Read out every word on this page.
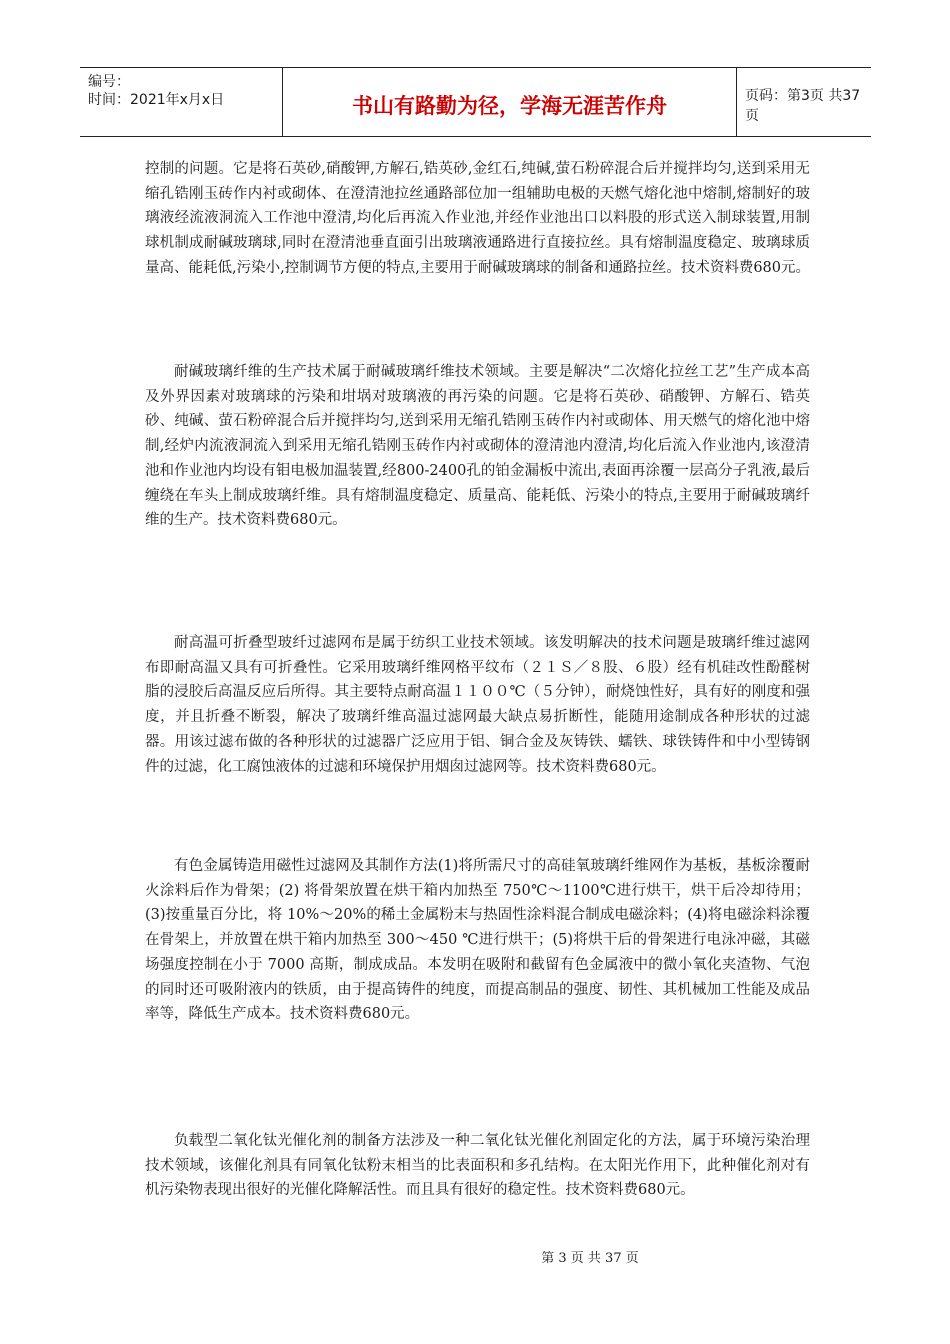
编号：
时间：2021年x月x日	书山有路勤为径，学海无涯苦作舟	页码：第3页 共37页

控制的问题。它是将石英砂,硝酸钾,方解石,锆英砂,金红石,纯碱,萤石粉碎混合后并搅拌均匀,送到采用无缩孔锆刚玉砖作内衬或砌体、在澄清池拉丝通路部位加一组辅助电极的天燃气熔化池中熔制,熔制好的玻璃液经流液洞流入工作池中澄清,均化后再流入作业池,并经作业池出口以料股的形式送入制球装置,用制球机制成耐碱玻璃球,同时在澄清池垂直面引出玻璃液通路进行直接拉丝。具有熔制温度稳定、玻璃球质量高、能耗低,污染小,控制调节方便的特点,主要用于耐碱玻璃球的制备和通路拉丝。技术资料费680元。

耐碱玻璃纤维的生产技术属于耐碱玻璃纤维技术领域。主要是解决“二次熔化拉丝工艺”生产成本高及外界因素对玻璃球的污染和坩埚对玻璃液的再污染的问题。它是将石英砂、硝酸钾、方解石、锆英砂、纯碱、萤石粉碎混合后并搅拌均匀,送到采用无缩孔锆刚玉砖作内衬或砌体、用天燃气的熔化池中熔制,经炉内流液洞流入到采用无缩孔锆刚玉砖作内衬或砌体的澄清池内澄清,均化后流入作业池内,该澄清池和作业池内均设有钼电极加温装置,经800-2400孔的铂金漏板中流出,表面再涂覆一层高分子乳液,最后缠绕在车头上制成玻璃纤维。具有熔制温度稳定、质量高、能耗低、污染小的特点,主要用于耐碱玻璃纤维的生产。技术资料费680元。

耐高温可折叠型玻纤过滤网布是属于纺织工业技术领域。该发明解决的技术问题是玻璃纤维过滤网布即耐高温又具有可折叠性。它采用玻璃纤维网格平纹布（２１Ｓ／８股、６股）经有机硅改性酚醛树脂的浸胶后高温反应后所得。其主要特点耐高温１１００℃（５分钟），耐烧蚀性好，具有好的刚度和强度，并且折叠不断裂，解决了玻璃纤维高温过滤网最大缺点易折断性，能随用途制成各种形状的过滤器。用该过滤布做的各种形状的过滤器广泛应用于铝、铜合金及灰铸铁、蠕铁、球铁铸件和中小型铸钢件的过滤，化工腐蚀液体的过滤和环境保护用烟囱过滤网等。技术资料费680元。

有色金属铸造用磁性过滤网及其制作方法(1)将所需尺寸的高硅氧玻璃纤维网作为基板，基板涂覆耐火涂料后作为骨架；(2) 将骨架放置在烘干箱内加热至 750℃～1100℃进行烘干，烘干后冷却待用； (3)按重量百分比，将 10%～20%的稀土金属粉末与热固性涂料混合制成电磁涂料；(4)将电磁涂料涂覆在骨架上，并放置在烘干箱内加热至 300～450 ℃进行烘干；(5)将烘干后的骨架进行电泳冲磁，其磁场强度控制在小于 7000 高斯，制成成品。本发明在吸附和截留有色金属液中的微小氧化夹渣物、气泡的同时还可吸附液内的铁质，由于提高铸件的纯度，而提高制品的强度、韧性、其机械加工性能及成品率等，降低生产成本。技术资料费680元。

负载型二氧化钛光催化剂的制备方法涉及一种二氧化钛光催化剂固定化的方法，属于环境污染治理技术领域，该催化剂具有同氧化钛粉末相当的比表面积和多孔结构。在太阳光作用下，此种催化剂对有机污染物表现出很好的光催化降解活性。而且具有很好的稳定性。技术资料费680元。

第 3 页 共 37 页
